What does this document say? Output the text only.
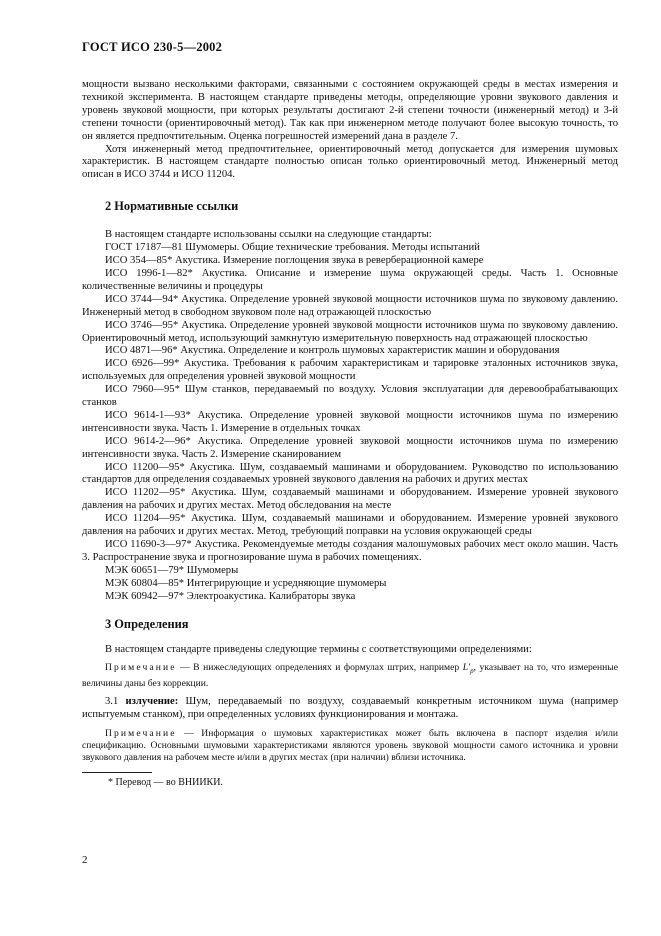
ГОСТ ИСО 230-5—2002

мощности вызвано несколькими факторами, связанными с состоянием окружающей среды в местах измерения и техникой эксперимента. В настоящем стандарте приведены методы, определяющие уровни звукового давления и уровень звуковой мощности, при которых результаты достигают 2-й степени точности (инженерный метод) и 3-й степени точности (ориентировочный метод). Так как при инженерном методе получают более высокую точность, то он является предпочтительным. Оценка погрешностей измерений дана в разделе 7.

Хотя инженерный метод предпочтительнее, ориентировочный метод допускается для измерения шумовых характеристик. В настоящем стандарте полностью описан только ориентировочный метод. Инженерный метод описан в ИСО 3744 и ИСО 11204.

2 Нормативные ссылки

В настоящем стандарте использованы ссылки на следующие стандарты:

ГОСТ 17187—81 Шумомеры. Общие технические требования. Методы испытаний

ИСО 354—85* Акустика. Измерение поглощения звука в реверберационной камере

ИСО 1996-1—82* Акустика. Описание и измерение шума окружающей среды. Часть 1. Основные количественные величины и процедуры

ИСО 3744—94* Акустика. Определение уровней звуковой мощности источников шума по звуковому давлению. Инженерный метод в свободном звуковом поле над отражающей плоскостью

ИСО 3746—95* Акустика. Определение уровней звуковой мощности источников шума по звуковому давлению. Ориентировочный метод, использующий замкнутую измерительную поверхность над отражающей плоскостью

ИСО 4871—96* Акустика. Определение и контроль шумовых характеристик машин и оборудования

ИСО 6926—99* Акустика. Требования к рабочим характеристикам и тарировке эталонных источников звука, используемых для определения уровней звуковой мощности

ИСО 7960—95* Шум станков, передаваемый по воздуху. Условия эксплуатации для деревообрабатывающих станков

ИСО 9614-1—93* Акустика. Определение уровней звуковой мощности источников шума по измерению интенсивности звука. Часть 1. Измерение в отдельных точках

ИСО 9614-2—96* Акустика. Определение уровней звуковой мощности источников шума по измерению интенсивности звука. Часть 2. Измерение сканированием

ИСО 11200—95* Акустика. Шум, создаваемый машинами и оборудованием. Руководство по использованию стандартов для определения создаваемых уровней звукового давления на рабочих и других местах

ИСО 11202—95* Акустика. Шум, создаваемый машинами и оборудованием. Измерение уровней звукового давления на рабочих и других местах. Метод обследования на месте

ИСО 11204—95* Акустика. Шум, создаваемый машинами и оборудованием. Измерение уровней звукового давления на рабочих и других местах. Метод, требующий поправки на условия окружающей среды

ИСО 11690-3—97* Акустика. Рекомендуемые методы создания малошумовых рабочих мест около машин. Часть 3. Распространение звука и прогнозирование шума в рабочих помещениях.

МЭК 60651—79* Шумомеры

МЭК 60804—85* Интегрирующие и усредняющие шумомеры

МЭК 60942—97* Электроакустика. Калибраторы звука

3 Определения

В настоящем стандарте приведены следующие термины с соответствующими определениями:

Примечание — В нижеследующих определениях и формулах штрих, например $L'_p$, указывает на то, что измеренные величины даны без коррекции.

3.1 излучение: Шум, передаваемый по воздуху, создаваемый конкретным источником шума (например испытуемым станком), при определенных условиях функционирования и монтажа.

Примечание — Информация о шумовых характеристиках может быть включена в паспорт изделия и/или спецификацию. Основными шумовыми характеристиками являются уровень звуковой мощности самого источника и уровни звукового давления на рабочем месте и/или в других местах (при наличии) вблизи источника.

* Перевод — во ВНИИКИ.

2
